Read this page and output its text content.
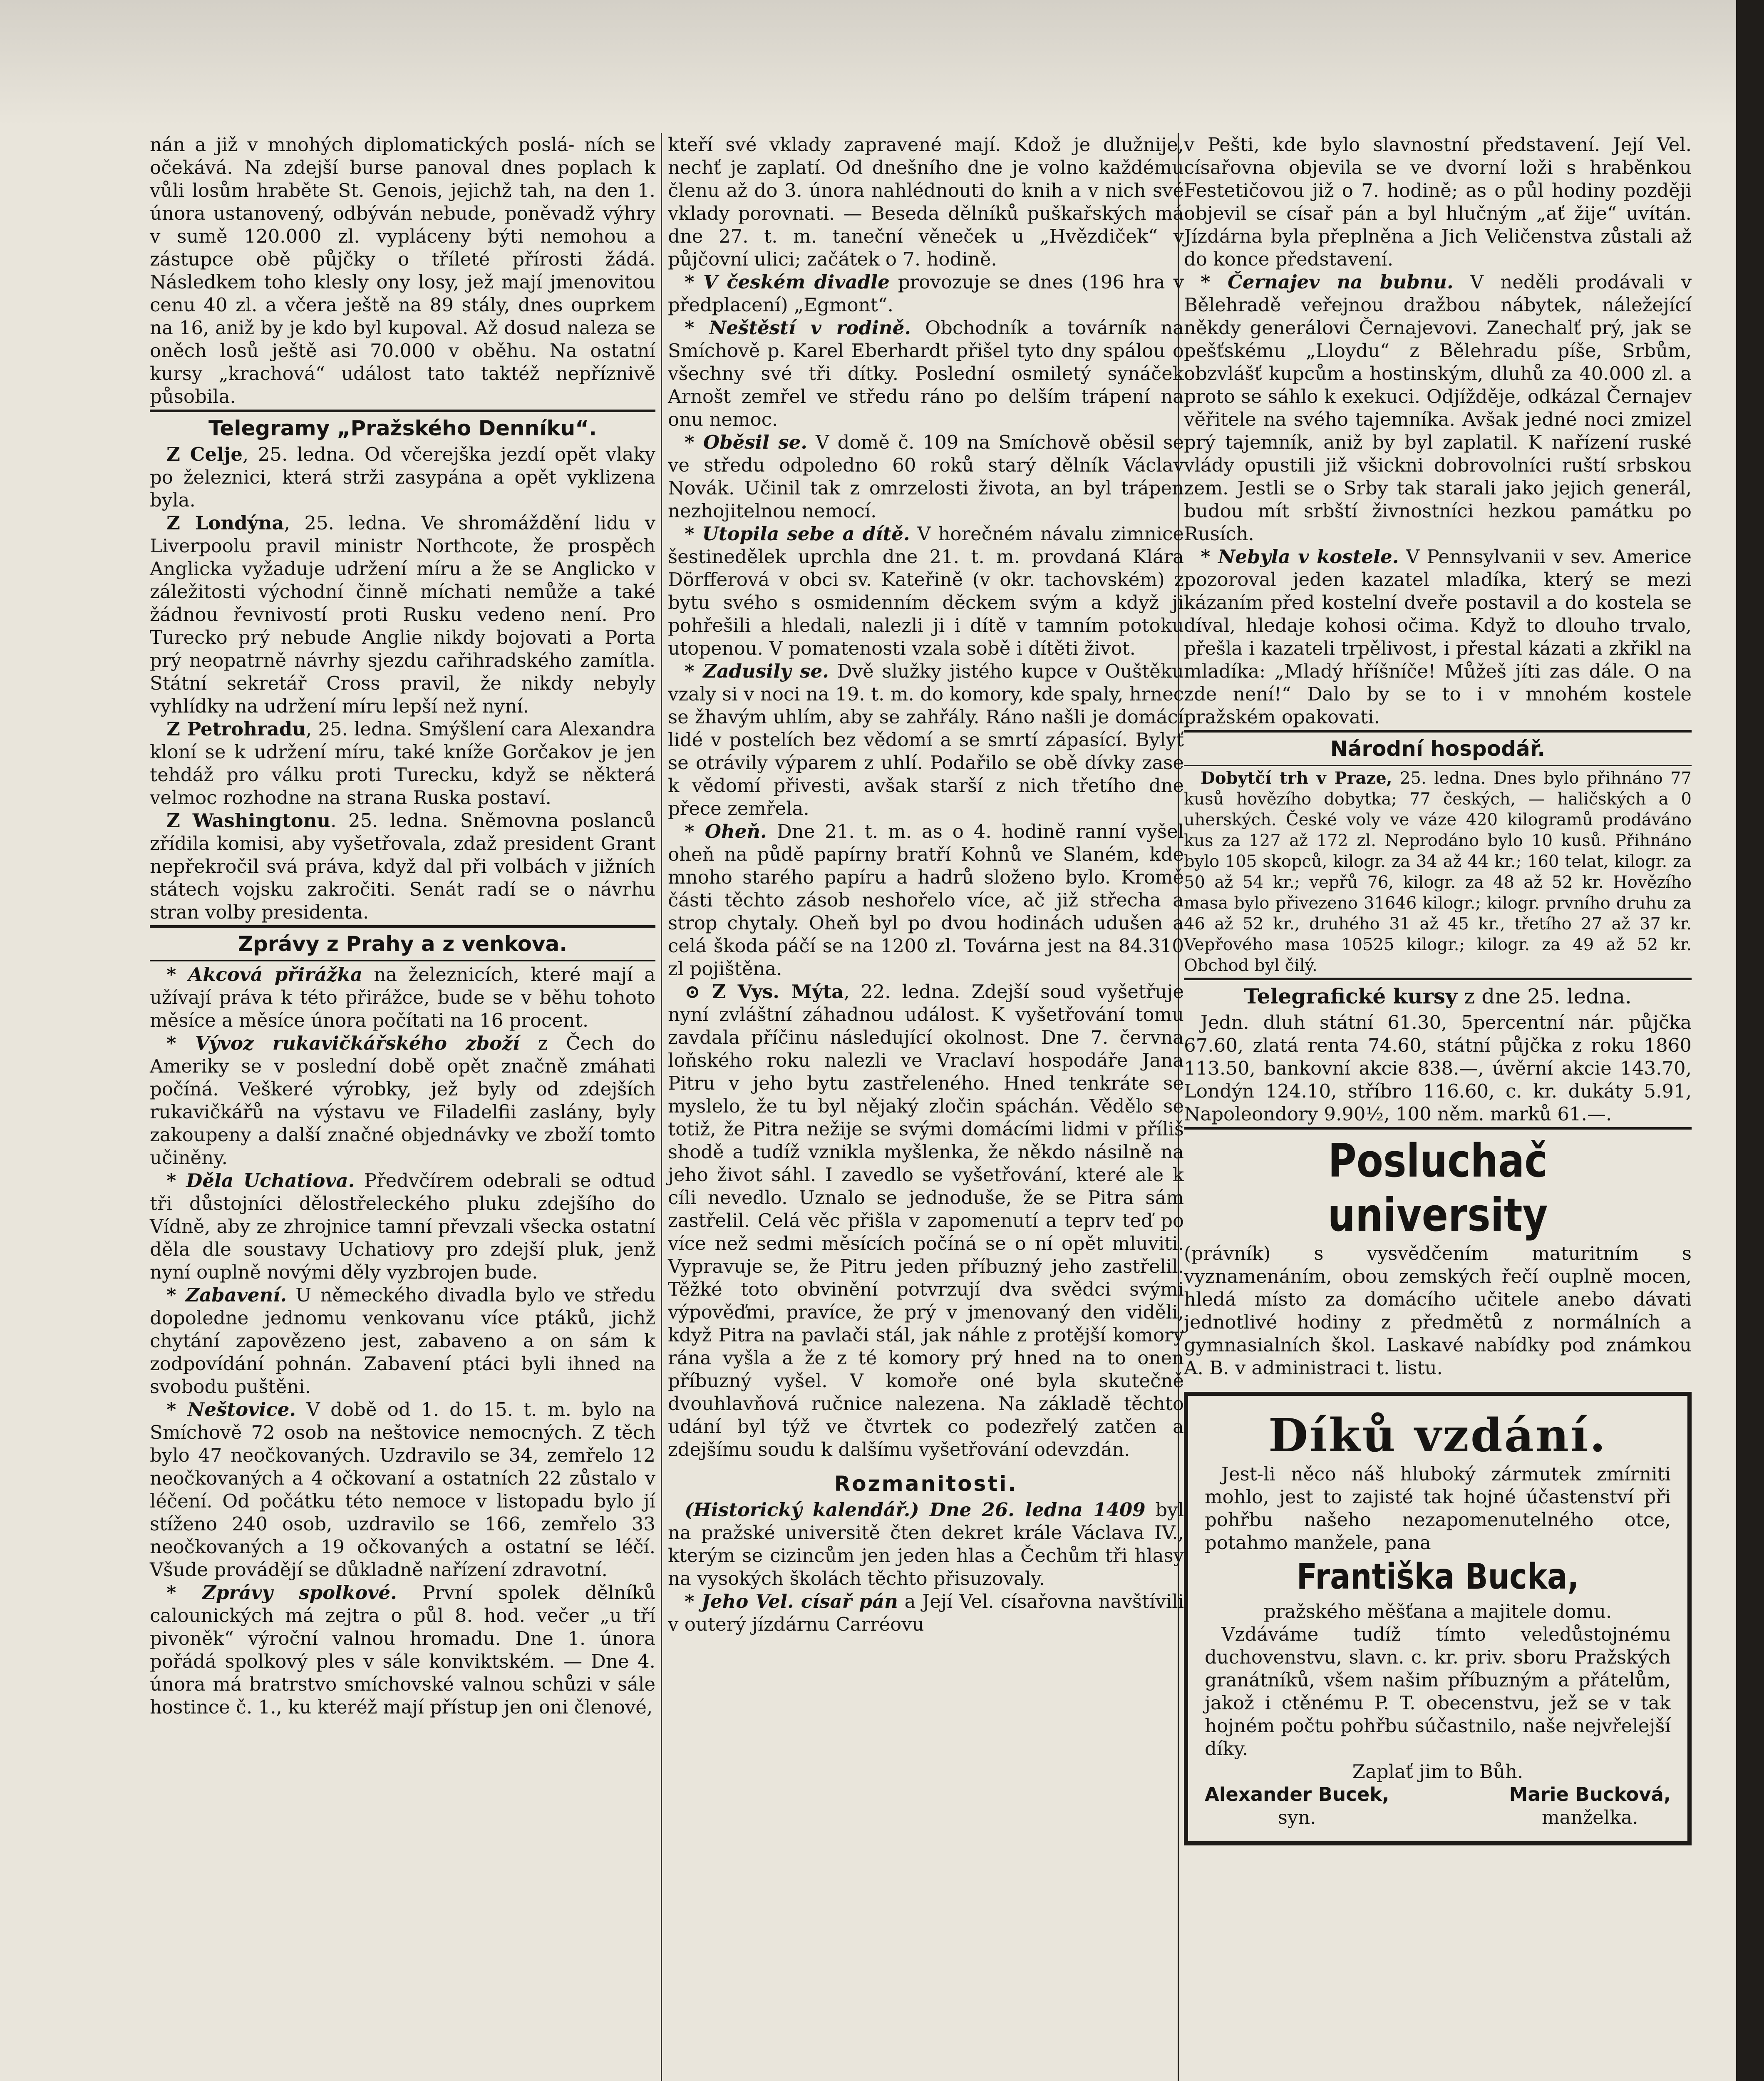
nán a již v mnohých diplomatických poslá- ních se očekává. Na zdejší burse panoval dnes poplach k vůli losům hraběte St. Genois, jejichž tah, na den 1. února ustanovený, odbýván nebude, poněvadž výhry v sumě 120.000 zl. vypláceny býti nemohou a zástupce obě půjčky o tříleté přírosti žádá. Následkem toho klesly ony losy, jež mají jmenovitou cenu 40 zl. a včera ještě na 89 stály, dnes ouprkem na 16, aniž by je kdo byl kupoval. Až dosud naleza se oněch losů ještě asi 70.000 v oběhu. Na ostatní kursy „krachová“ událost tato taktéž nepříznivě působila.

Telegramy „Pražského Denníku“.

Z Celje, 25. ledna. Od včerejška jezdí opět vlaky po železnici, která strži zasypána a opět vyklizena byla.

Z Londýna, 25. ledna. Ve shromáždění lidu v Liverpoolu pravil ministr Northcote, že prospěch Anglicka vyžaduje udržení míru a že se Anglicko v záležitosti východní činně míchati nemůže a také žádnou řevnivostí proti Rusku vedeno není. Pro Turecko prý nebude Anglie nikdy bojovati a Porta prý neopatrně návrhy sjezdu cařihradského zamítla. Státní sekretář Cross pravil, že nikdy nebyly vyhlídky na udržení míru lepší než nyní.

Z Petrohradu, 25. ledna. Smýšlení cara Alexandra kloní se k udržení míru, také kníže Gorčakov je jen tehdáž pro válku proti Turecku, když se některá velmoc rozhodne na strana Ruska postaví.

Z Washingtonu. 25. ledna. Sněmovna poslanců zřídila komisi, aby vyšetřovala, zdaž president Grant nepřekročil svá práva, když dal při volbách v jižních státech vojsku zakročiti. Senát radí se o návrhu stran volby presidenta.

Zprávy z Prahy a z venkova.

* Akcová přirážka na železnicích, které mají a užívají práva k této přirážce, bude se v běhu tohoto měsíce a měsíce února počítati na 16 procent.

* Vývoz rukavičkářského zboží z Čech do Ameriky se v poslední době opět značně zmáhati počíná. Veškeré výrobky, jež byly od zdejších rukavičkářů na výstavu ve Filadelfii zaslány, byly zakoupeny a další značné objednávky ve zboží tomto učiněny.

* Děla Uchatiova. Předvčírem odebrali se odtud tři důstojníci dělostřeleckého pluku zdejšího do Vídně, aby ze zhrojnice tamní převzali všecka ostatní děla dle soustavy Uchatiovy pro zdejší pluk, jenž nyní ouplně novými děly vyzbrojen bude.

* Zabavení. U německého divadla bylo ve středu dopoledne jednomu venkovanu více ptáků, jichž chytání zapovězeno jest, zabaveno a on sám k zodpovídání pohnán. Zabavení ptáci byli ihned na svobodu puštěni.

* Neštovice. V době od 1. do 15. t. m. bylo na Smíchově 72 osob na neštovice nemocných. Z těch bylo 47 neočkovaných. Uzdravilo se 34, zemřelo 12 neočkovaných a 4 očkovaní a ostatních 22 zůstalo v léčení. Od počátku této nemoce v listopadu bylo jí stíženo 240 osob, uzdravilo se 166, zemřelo 33 neočkovaných a 19 očkovaných a ostatní se léčí. Všude provádějí se důkladně nařízení zdravotní.

* Zprávy spolkové. První spolek dělníků calounických má zejtra o půl 8. hod. večer „u tří pivoněk“ výroční valnou hromadu. Dne 1. února pořádá spolkový ples v sále konviktském. — Dne 4. února má bratrstvo smíchovské valnou schůzi v sále hostince č. 1., ku kteréž mají přístup jen oni členové,

kteří své vklady zapravené mají. Kdož je dlužnije, nechť je zaplatí. Od dnešního dne je volno každému členu až do 3. února nahlédnouti do knih a v nich své vklady porovnati. — Beseda dělníků puškařských má dne 27. t. m. taneční věneček u „Hvězdiček“ v půjčovní ulici; začátek o 7. hodině.

* V českém divadle provozuje se dnes (196 hra v předplacení) „Egmont“.

* Neštěstí v rodině. Obchodník a továrník na Smíchově p. Karel Eberhardt přišel tyto dny spálou o všechny své tři dítky. Poslední osmiletý synáček Arnošt zemřel ve středu ráno po delším trápení na onu nemoc.

* Oběsil se. V domě č. 109 na Smíchově oběsil se ve středu odpoledno 60 roků starý dělník Václav Novák. Učinil tak z omrzelosti života, an byl trápen nezhojitelnou nemocí.

* Utopila sebe a dítě. V horečném návalu zimnice šestinedělek uprchla dne 21. t. m. provdaná Klára Dörfferová v obci sv. Kateřině (v okr. tachovském) z bytu svého s osmidenním děckem svým a když ji pohřešili a hledali, nalezli ji i dítě v tamním potoku utopenou. V pomatenosti vzala sobě i dítěti život.

* Zadusily se. Dvě služky jistého kupce v Ouštěku vzaly si v noci na 19. t. m. do komory, kde spaly, hrnec se žhavým uhlím, aby se zahřály. Ráno našli je domácí lidé v postelích bez vědomí a se smrtí zápasící. Bylyť se otrávily výparem z uhlí. Podařilo se obě dívky zase k vědomí přivesti, avšak starší z nich třetího dne přece zemřela.

* Oheň. Dne 21. t. m. as o 4. hodině ranní vyšel oheň na půdě papírny bratří Kohnů ve Slaném, kde mnoho starého papíru a hadrů složeno bylo. Kromě části těchto zásob neshořelo více, ač již střecha a strop chytaly. Oheň byl po dvou hodinách udušen a celá škoda páčí se na 1200 zl. Továrna jest na 84.310 zl pojištěna.

⊙ Z Vys. Mýta, 22. ledna. Zdejší soud vyšetřuje nyní zvláštní záhadnou událost. K vyšetřování tomu zavdala příčinu následující okolnost. Dne 7. června loňského roku nalezli ve Vraclaví hospodáře Jana Pitru v jeho bytu zastřeleného. Hned tenkráte se myslelo, že tu byl nějaký zločin spáchán. Vědělo se totiž, že Pitra nežije se svými domácími lidmi v příliš shodě a tudíž vznikla myšlenka, že někdo násilně na jeho život sáhl. I zavedlo se vyšetřování, které ale k cíli nevedlo. Uznalo se jednoduše, že se Pitra sám zastřelil. Celá věc přišla v zapomenutí a teprv teď po více než sedmi měsících počíná se o ní opět mluviti. Vypravuje se, že Pitru jeden příbuzný jeho zastřelil. Těžké toto obvinění potvrzují dva svědci svými výpověďmi, pravíce, že prý v jmenovaný den viděli, když Pitra na pavlači stál, jak náhle z protější komory rána vyšla a že z té komory prý hned na to onen příbuzný vyšel. V komoře oné byla skutečně dvouhlavňová ručnice nalezena. Na základě těchto udání byl týž ve čtvrtek co podezřelý zatčen a zdejšímu soudu k dalšímu vyšetřování odevzdán.

Rozmanitosti.

(Historický kalendář.) Dne 26. ledna 1409 byl na pražské universitě čten dekret krále Václava IV., kterým se cizincům jen jeden hlas a Čechům tři hlasy na vysokých školách těchto přisuzovaly.

* Jeho Vel. císař pán a Její Vel. císařovna navštívili v outerý jízdárnu Carréovu

v Pešti, kde bylo slavnostní představení. Její Vel. císařovna objevila se ve dvorní loži s hraběnkou Festetičovou již o 7. hodině; as o půl hodiny později objevil se císař pán a byl hlučným „ať žije“ uvítán. Jízdárna byla přeplněna a Jich Veličenstva zůstali až do konce představení.

* Černajev na bubnu. V neděli prodávali v Bělehradě veřejnou dražbou nábytek, náležející někdy generálovi Černajevovi. Zanechalť prý, jak se pešťskému „Lloydu“ z Bělehradu píše, Srbům, obzvlášť kupcům a hostinským, dluhů za 40.000 zl. a proto se sáhlo k exekuci. Odjížděje, odkázal Černajev věřitele na svého tajemníka. Avšak jedné noci zmizel prý tajemník, aniž by byl zaplatil. K nařízení ruské vlády opustili již všickni dobrovolníci ruští srbskou zem. Jestli se o Srby tak starali jako jejich generál, budou mít srbští živnostníci hezkou památku po Rusích.

* Nebyla v kostele. V Pennsylvanii v sev. Americe pozoroval jeden kazatel mladíka, který se mezi kázaním před kostelní dveře postavil a do kostela se díval, hledaje kohosi očima. Když to dlouho trvalo, přešla i kazateli trpělivost, i přestal kázati a zkřikl na mladíka: „Mladý hříšníče! Můžeš jíti zas dále. O na zde není!“ Dalo by se to i v mnohém kostele pražském opakovati.

Národní hospodář.

Dobytčí trh v Praze, 25. ledna. Dnes bylo přihnáno 77 kusů hovězího dobytka; 77 českých, — haličských a 0 uherských. České voly ve váze 420 kilogramů prodáváno kus za 127 až 172 zl. Neprodáno bylo 10 kusů. Přihnáno bylo 105 skopců, kilogr. za 34 až 44 kr.; 160 telat, kilogr. za 50 až 54 kr.; vepřů 76, kilogr. za 48 až 52 kr. Hovězího masa bylo přivezeno 31646 kilogr.; kilogr. prvního druhu za 46 až 52 kr., druhého 31 až 45 kr., třetího 27 až 37 kr. Vepřového masa 10525 kilogr.; kilogr. za 49 až 52 kr. Obchod byl čilý.

Telegrafické kursy z dne 25. ledna.

Jedn. dluh státní 61.30, 5percentní nár. půjčka 67.60, zlatá renta 74.60, státní půjčka z roku 1860 113.50, bankovní akcie 838.—, úvěrní akcie 143.70, Londýn 124.10, stříbro 116.60, c. kr. dukáty 5.91, Napoleondory 9.90½, 100 něm. marků 61.—.

Posluchač university

(právník) s vysvědčením maturitním s vyznamenáním, obou zemských řečí ouplně mocen, hledá místo za domácího učitele anebo dávati jednotlivé hodiny z předmětů z normálních a gymnasialních škol. Laskavé nabídky pod známkou A. B. v administraci t. listu.

Díků vzdání.

Jest-li něco náš hluboký zármutek zmírniti mohlo, jest to zajisté tak hojné účastenství při pohřbu našeho nezapomenutelného otce, potahmo manžele, pana

Františka Bucka,

pražského měšťana a majitele domu.

Vzdáváme tudíž tímto veledůstojnému duchovenstvu, slavn. c. kr. priv. sboru Pražských granátníků, všem našim příbuzným a přátelům, jakož i ctěnému P. T. obecenstvu, jež se v tak hojném počtu pohřbu súčastnilo, naše nejvřelejší díky.

Zaplať jim to Bůh.

Alexander Bucek,
syn.
Marie Bucková,
manželka.
